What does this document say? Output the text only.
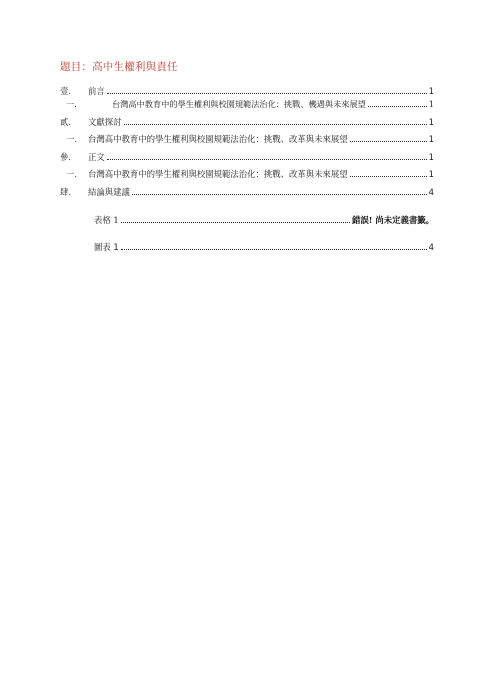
題目：高中生權利與責任
壹.	前言	1
一.	台灣高中教育中的學生權利與校園規範法治化：挑戰、機遇與未來展望	1
貳.	文獻探討	1
一.	台灣高中教育中的學生權利與校園規範法治化：挑戰、改革與未來展望	1
參.	正文	1
一.	台灣高中教育中的學生權利與校園規範法治化：挑戰、改革與未來展望	1
肆.	結論與建議	4
表格 1	錯誤! 尚未定義書籤。
圖表 1	4
